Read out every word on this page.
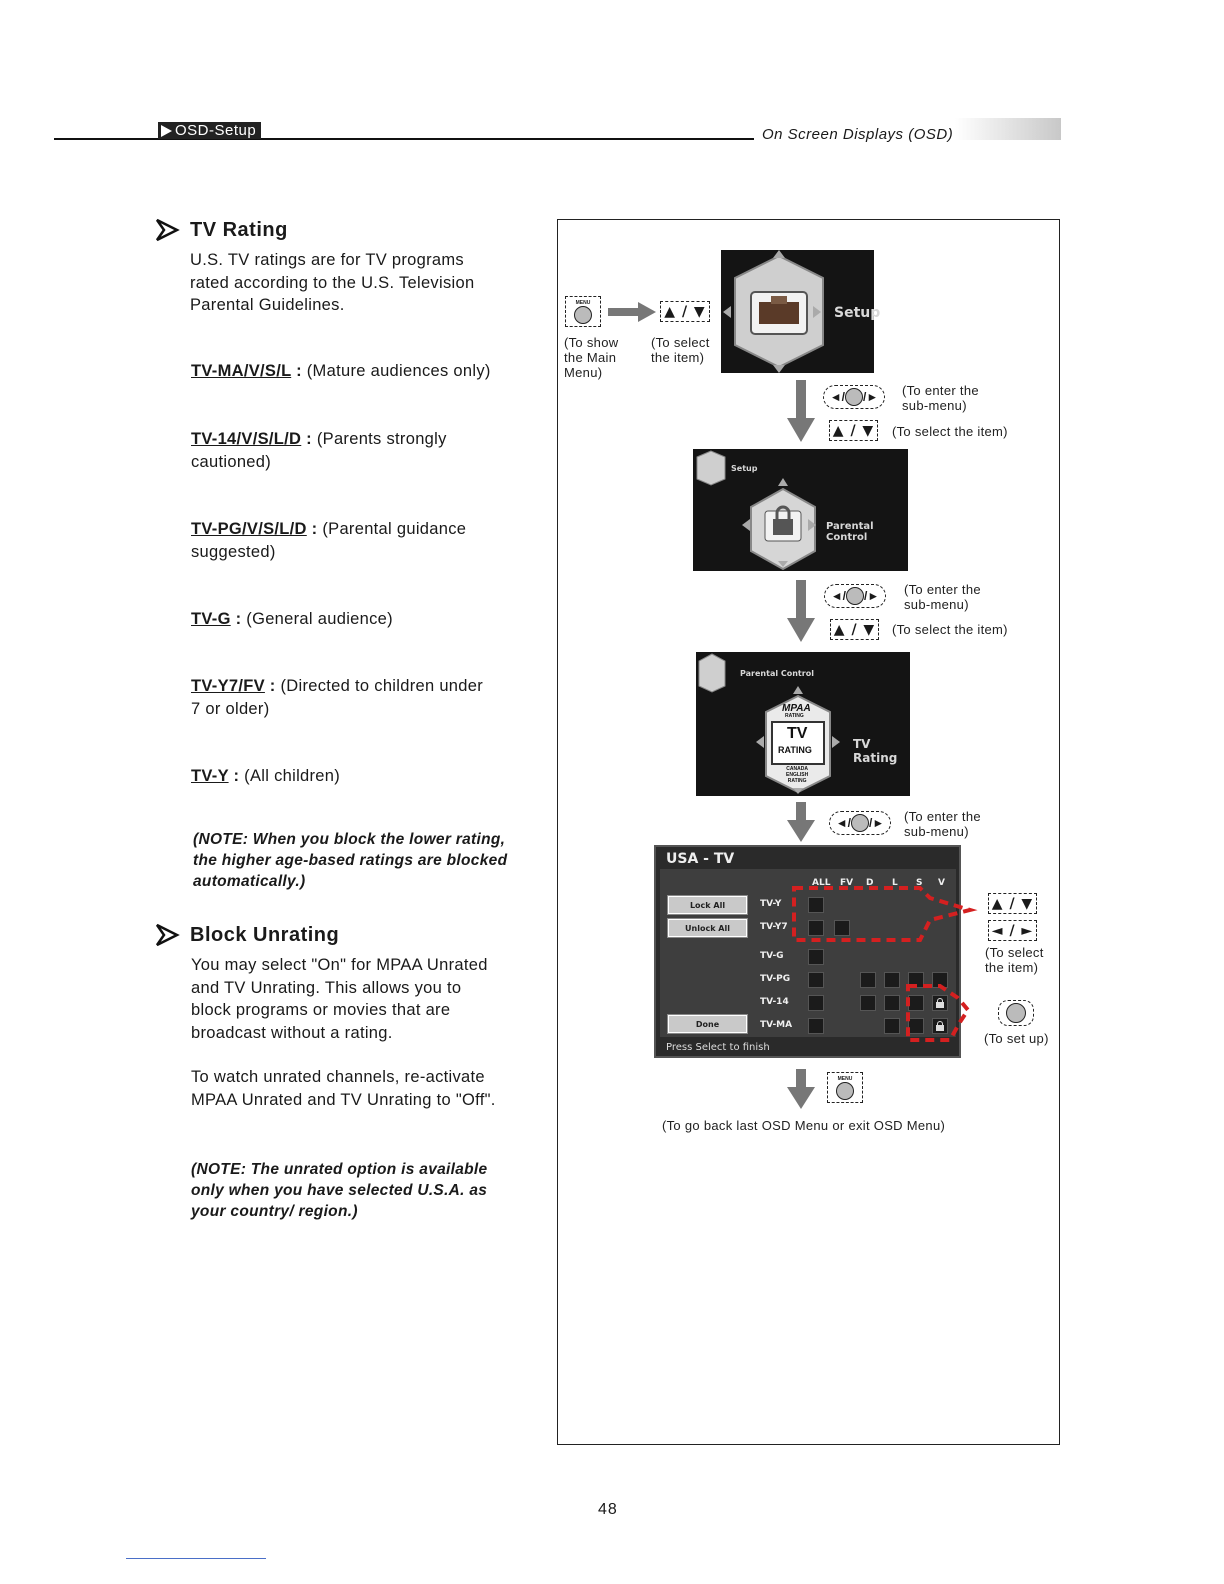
OSD-Setup	On Screen Displays (OSD)
TV Rating
U.S. TV ratings are for TV programs
rated according to the U.S. Television
Parental Guidelines.
TV-MA/V/S/L : (Mature audiences only)
TV-14/V/S/L/D : (Parents strongly
cautioned)
TV-PG/V/S/L/D : (Parental guidance
suggested)
TV-G : (General audience)
TV-Y7/FV : (Directed to children under
7 or older)
TV-Y : (All children)
(NOTE: When you block the lower rating,
the higher age-based ratings are blocked
automatically.)
Block Unrating
You may select "On" for MPAA Unrated
and TV Unrating. This allows you to
block programs or movies that are
broadcast without a rating.
To watch unrated channels, re-activate
MPAA Unrated and TV Unrating to "Off".
(NOTE: The unrated option is available
only when you have selected U.S.A. as
your country/ region.)
MENU
▲ / ▼
(To show
the Main
Menu)
(To select
the item)
Setup
◄/ /► (To enter the
sub-menu)
▲ / ▼ (To select the item)
Setup
Parental Control
◄/ /► (To enter the
sub-menu)
▲ / ▼ (To select the item)
Parental Control
MPAA
RATING
TV
RATING
CANADA
ENGLISH
RATING
TV Rating
◄/ /► (To enter the
sub-menu)
USA - TV
ALL FV D L S V
Lock All
Unlock All
Done
TV-Y
TV-Y7
TV-G
TV-PG
TV-14
TV-MA
Press Select to finish
▲ / ▼
◄ / ►
(To select
the item)
(To set up)
MENU
(To go back last OSD Menu or exit OSD Menu)
48
